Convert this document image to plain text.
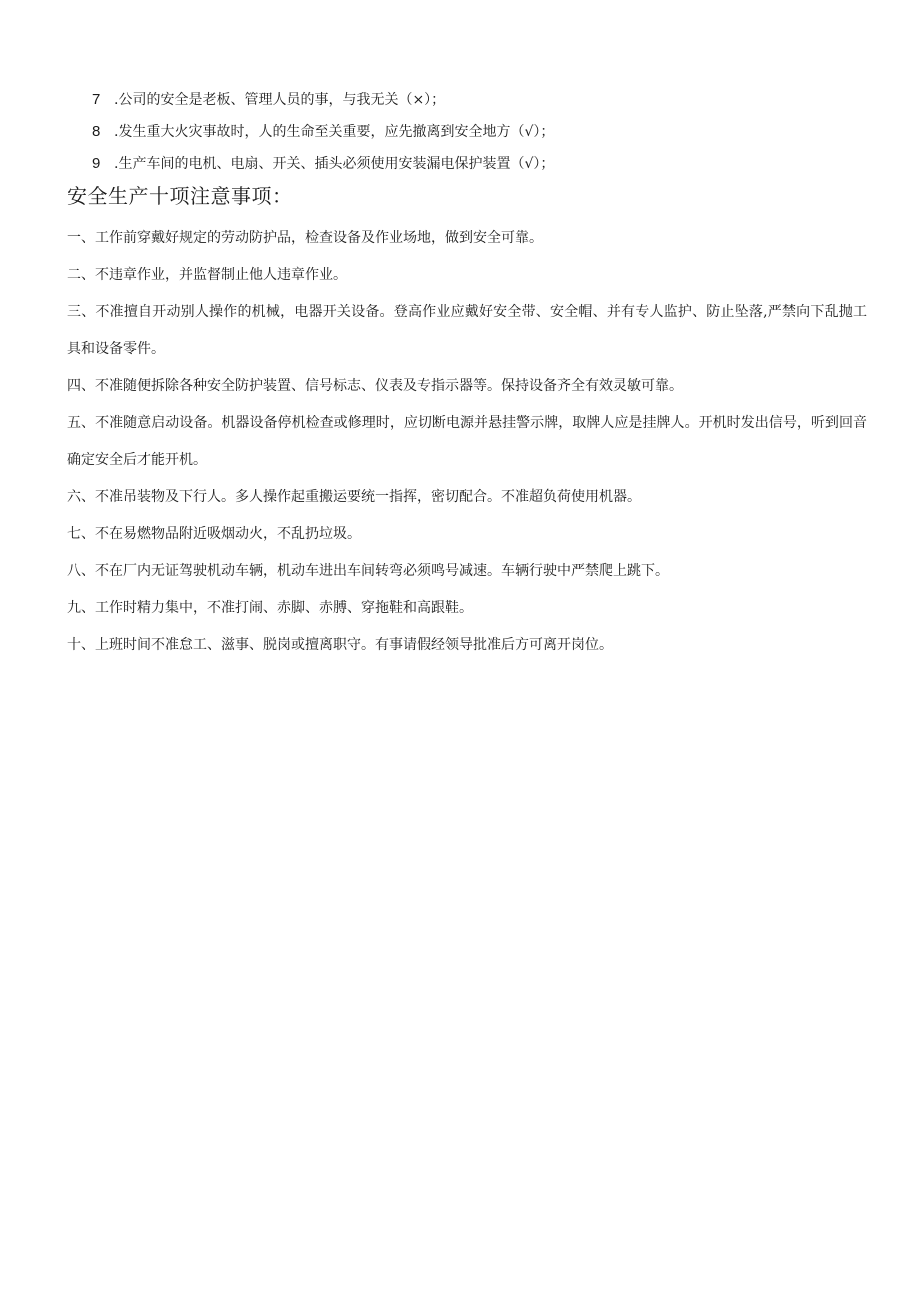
7 .公司的安全是老板、管理人员的事，与我无关（×）；
8 .发生重大火灾事故时，人的生命至关重要，应先撤离到安全地方（√）；
9 .生产车间的电机、电扇、开关、插头必须使用安装漏电保护装置（√）；
安全生产十项注意事项：

一、工作前穿戴好规定的劳动防护品，检查设备及作业场地，做到安全可靠。

二、不违章作业，并监督制止他人违章作业。

三、不准擅自开动别人操作的机械，电器开关设备。登高作业应戴好安全带、安全帽、并有专人监护、防止坠落,严禁向下乱抛工具和设备零件。

四、不准随便拆除各种安全防护装置、信号标志、仪表及专指示器等。保持设备齐全有效灵敏可靠。

五、不准随意启动设备。机器设备停机检查或修理时，应切断电源并悬挂警示牌，取牌人应是挂牌人。开机时发出信号，听到回音确定安全后才能开机。

六、不准吊装物及下行人。多人操作起重搬运要统一指挥，密切配合。不准超负荷使用机器。

七、不在易燃物品附近吸烟动火，不乱扔垃圾。

八、不在厂内无证驾驶机动车辆，机动车进出车间转弯必须鸣号减速。车辆行驶中严禁爬上跳下。

九、工作时精力集中，不准打闹、赤脚、赤膊、穿拖鞋和高跟鞋。

十、上班时间不准怠工、滋事、脱岗或擅离职守。有事请假经领导批准后方可离开岗位。
